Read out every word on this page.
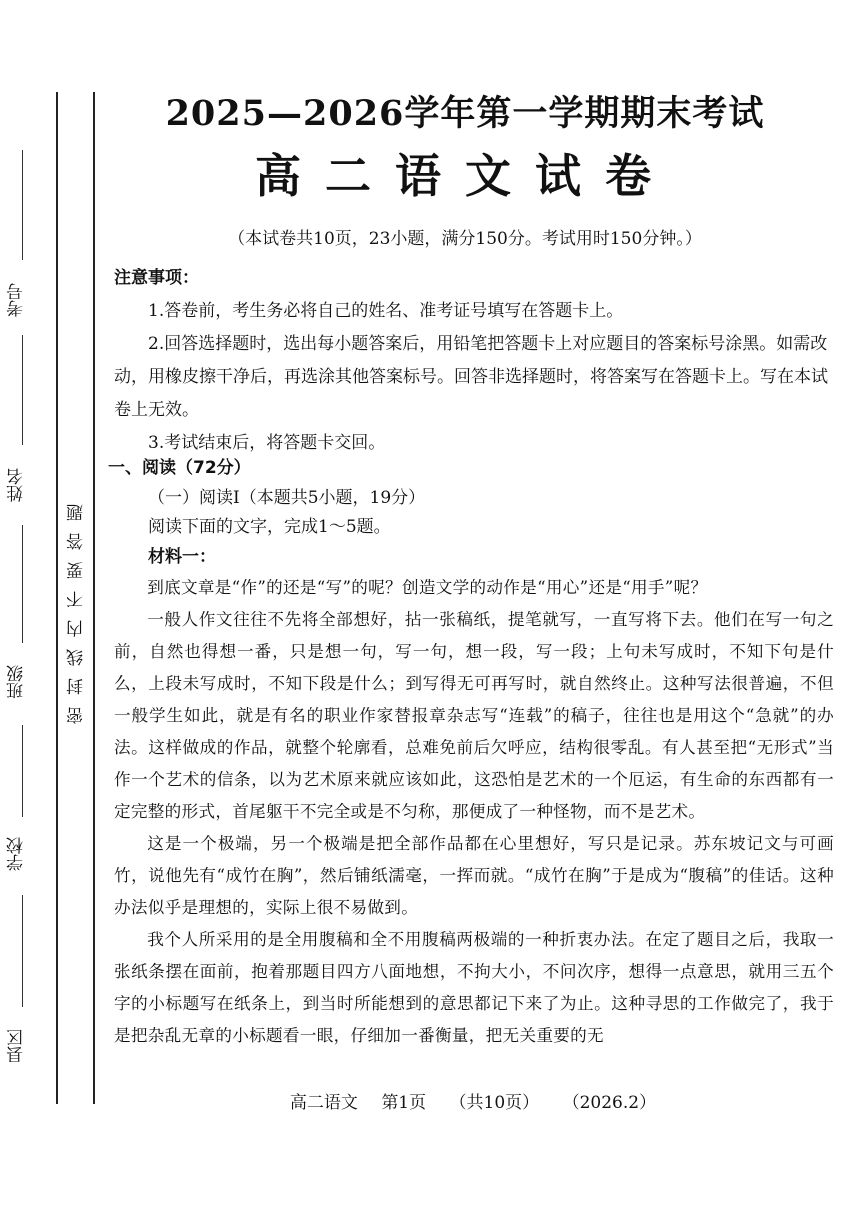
考号
姓名
班级
学校
县区
密封线内不要答题
2025—2026学年第一学期期末考试
高二语文试卷
（本试卷共10页，23小题，满分150分。考试用时150分钟。）

注意事项：

1.答卷前，考生务必将自己的姓名、准考证号填写在答题卡上。

2.回答选择题时，选出每小题答案后，用铅笔把答题卡上对应题目的答案标号涂黑。如需改动，用橡皮擦干净后，再选涂其他答案标号。回答非选择题时，将答案写在答题卡上。写在本试卷上无效。

3.考试结束后，将答题卡交回。

一、阅读（72分）

（一）阅读Ⅰ（本题共5小题，19分）

阅读下面的文字，完成1～5题。

材料一：

到底文章是“作”的还是“写”的呢？创造文学的动作是“用心”还是“用手”呢？

一般人作文往往不先将全部想好，拈一张稿纸，提笔就写，一直写将下去。他们在写一句之前，自然也得想一番，只是想一句，写一句，想一段，写一段；上句未写成时，不知下句是什么，上段未写成时，不知下段是什么；到写得无可再写时，就自然终止。这种写法很普遍，不但一般学生如此，就是有名的职业作家替报章杂志写“连载”的稿子，往往也是用这个“急就”的办法。这样做成的作品，就整个轮廓看，总难免前后欠呼应，结构很零乱。有人甚至把“无形式”当作一个艺术的信条，以为艺术原来就应该如此，这恐怕是艺术的一个厄运，有生命的东西都有一定完整的形式，首尾躯干不完全或是不匀称，那便成了一种怪物，而不是艺术。

这是一个极端，另一个极端是把全部作品都在心里想好，写只是记录。苏东坡记文与可画竹，说他先有“成竹在胸”，然后铺纸濡毫，一挥而就。“成竹在胸”于是成为“腹稿”的佳话。这种办法似乎是理想的，实际上很不易做到。

我个人所采用的是全用腹稿和全不用腹稿两极端的一种折衷办法。在定了题目之后，我取一张纸条摆在面前，抱着那题目四方八面地想，不拘大小，不问次序，想得一点意思，就用三五个字的小标题写在纸条上，到当时所能想到的意思都记下来了为止。这种寻思的工作做完了，我于是把杂乱无章的小标题看一眼，仔细加一番衡量，把无关重要的无

高二语文 第1页 （共10页） （2026.2）
